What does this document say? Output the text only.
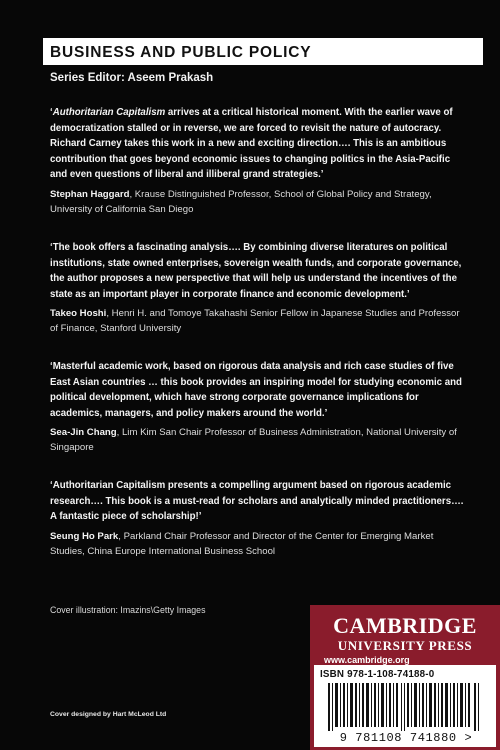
BUSINESS AND PUBLIC POLICY
Series Editor: Aseem Prakash

‘Authoritarian Capitalism arrives at a critical historical moment. With the earlier wave of democratization stalled or in reverse, we are forced to revisit the nature of autocracy. Richard Carney takes this work in a new and exciting direction…. This is an ambitious contribution that goes beyond economic issues to changing politics in the Asia-Pacific and even questions of liberal and illiberal grand strategies.’

Stephan Haggard, Krause Distinguished Professor, School of Global Policy and Strategy, University of California San Diego

‘The book offers a fascinating analysis…. By combining diverse literatures on political institutions, state owned enterprises, sovereign wealth funds, and corporate governance, the author proposes a new perspective that will help us understand the incentives of the state as an important player in corporate finance and economic development.’

Takeo Hoshi, Henri H. and Tomoye Takahashi Senior Fellow in Japanese Studies and Professor of Finance, Stanford University

‘Masterful academic work, based on rigorous data analysis and rich case studies of five East Asian countries … this book provides an inspiring model for studying economic and political development, which have strong corporate governance implications for academics, managers, and policy makers around the world.’

Sea-Jin Chang, Lim Kim San Chair Professor of Business Administration, National University of Singapore

‘Authoritarian Capitalism presents a compelling argument based on rigorous academic research…. This book is a must-read for scholars and analytically minded practitioners…. A fantastic piece of scholarship!’

Seung Ho Park, Parkland Chair Professor and Director of the Center for Emerging Market Studies, China Europe International Business School

Cover illustration: Imazins\Getty Images
Cover designed by Hart McLeod Ltd
CAMBRIDGE
UNIVERSITY PRESS
www.cambridge.org
ISBN 978-1-108-74188-0
9 781108 741880 >
